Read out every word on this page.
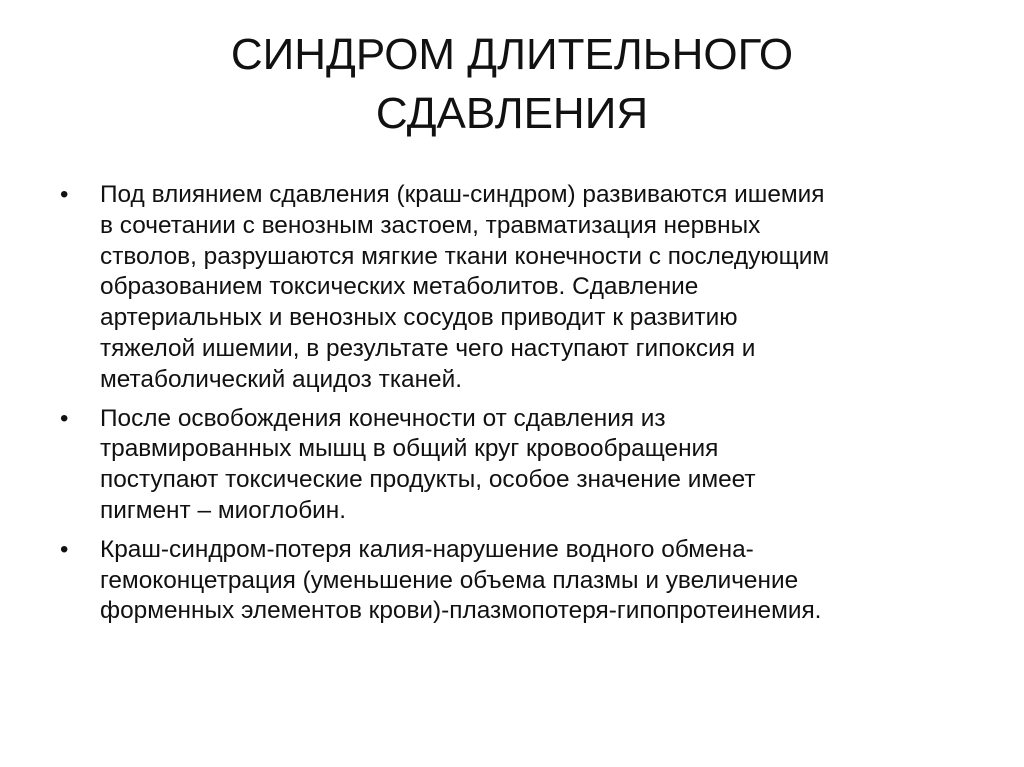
СИНДРОМ ДЛИТЕЛЬНОГО
СДАВЛЕНИЯ
•	Под влиянием сдавления (краш-синдром) развиваются ишемия
в сочетании с венозным застоем, травматизация нервных
стволов, разрушаются мягкие ткани конечности с последующим
образованием токсических метаболитов. Сдавление
артериальных и венозных сосудов приводит к развитию
тяжелой ишемии, в результате чего наступают гипоксия и
метаболический ацидоз тканей.
•	После освобождения конечности от сдавления из
травмированных мышц в общий круг кровообращения
поступают токсические продукты, особое значение имеет
пигмент – миоглобин.
•	Краш-синдром-потеря калия-нарушение водного обмена-
гемоконцетрация (уменьшение объема плазмы и увеличение
форменных элементов крови)-плазмопотеря-гипопротеинемия.
